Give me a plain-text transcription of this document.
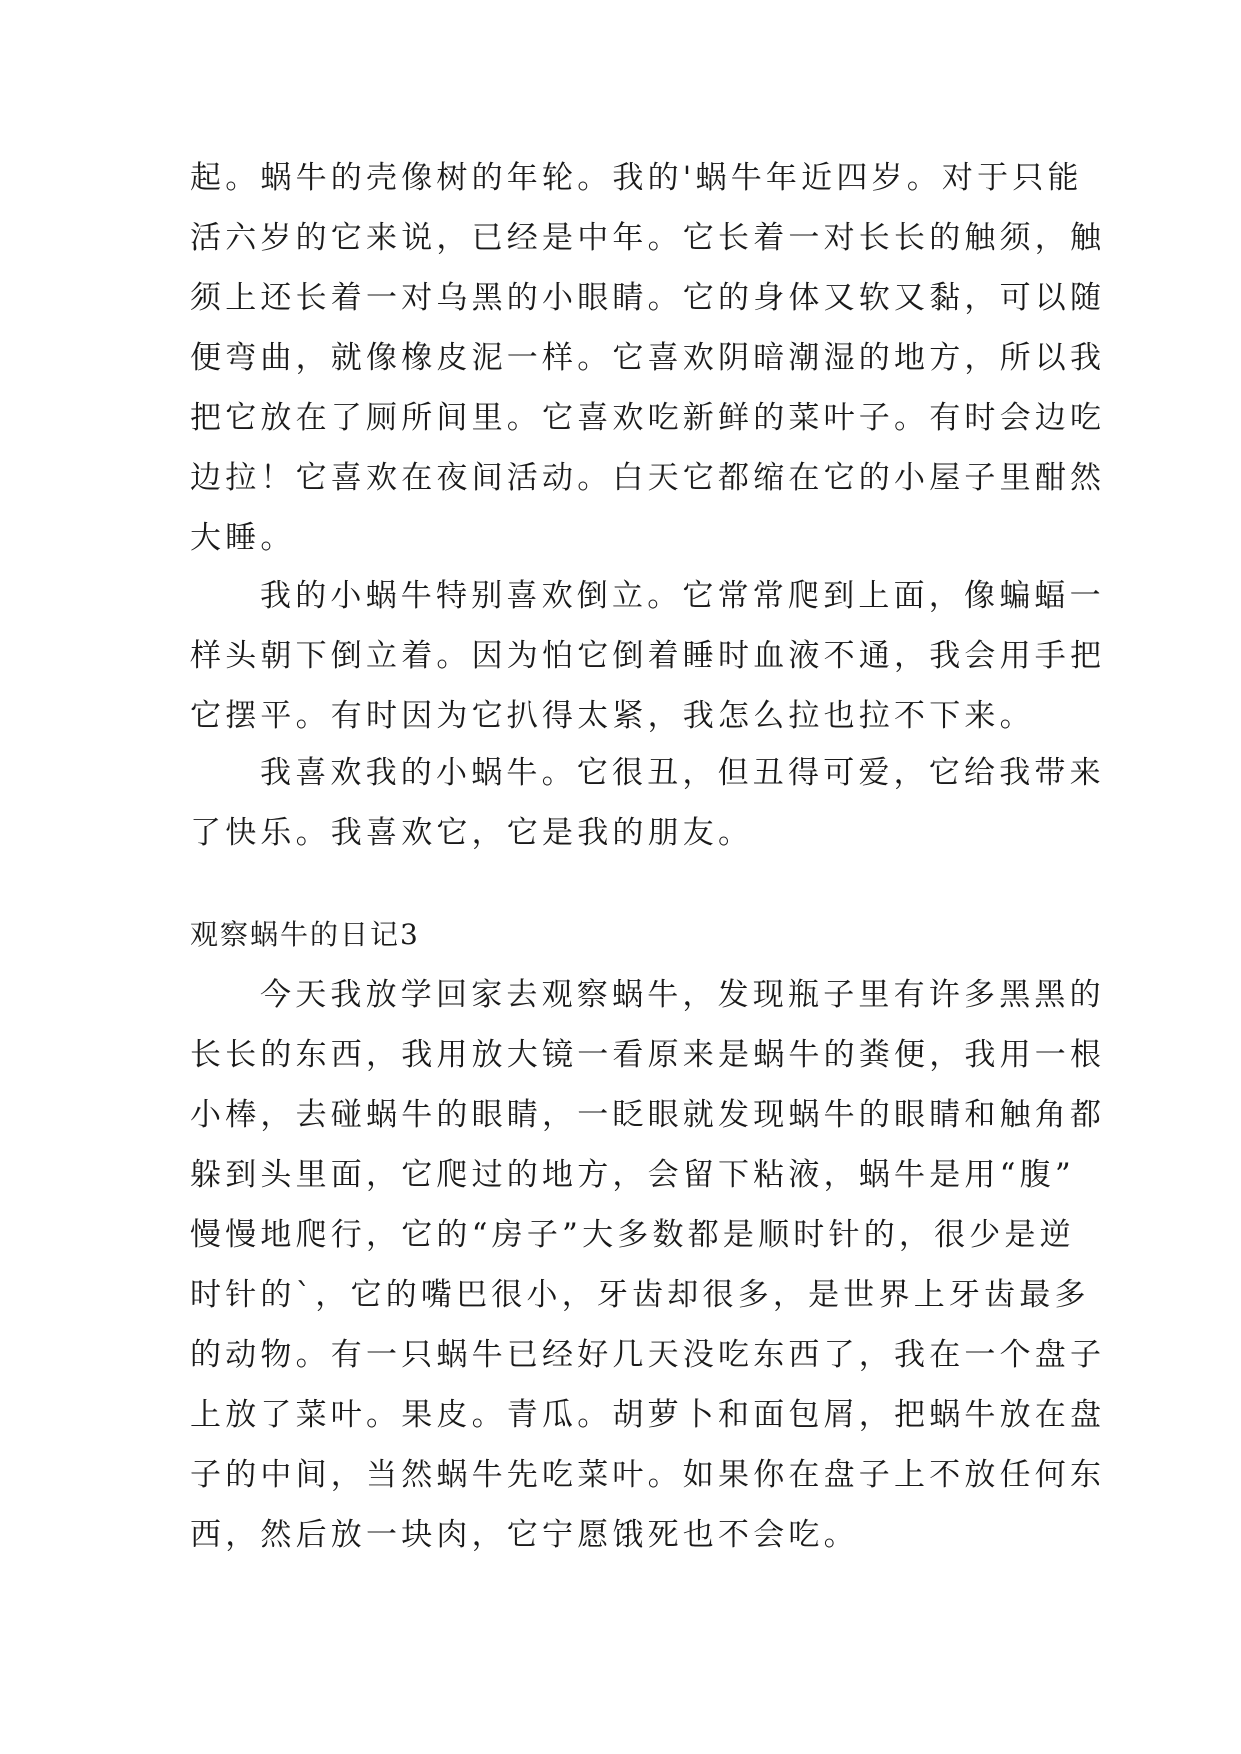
起。蜗牛的壳像树的年轮。我的'蜗牛年近四岁。对于只能
活六岁的它来说，已经是中年。它长着一对长长的触须，触
须上还长着一对乌黑的小眼睛。它的身体又软又黏，可以随
便弯曲，就像橡皮泥一样。它喜欢阴暗潮湿的地方，所以我
把它放在了厕所间里。它喜欢吃新鲜的菜叶子。有时会边吃
边拉！它喜欢在夜间活动。白天它都缩在它的小屋子里酣然
大睡。
我的小蜗牛特别喜欢倒立。它常常爬到上面，像蝙蝠一
样头朝下倒立着。因为怕它倒着睡时血液不通，我会用手把
它摆平。有时因为它扒得太紧，我怎么拉也拉不下来。
我喜欢我的小蜗牛。它很丑，但丑得可爱，它给我带来
了快乐。我喜欢它，它是我的朋友。
观察蜗牛的日记3
今天我放学回家去观察蜗牛，发现瓶子里有许多黑黑的
长长的东西，我用放大镜一看原来是蜗牛的粪便，我用一根
小棒，去碰蜗牛的眼睛，一眨眼就发现蜗牛的眼睛和触角都
躲到头里面，它爬过的地方，会留下粘液，蜗牛是用“腹”
慢慢地爬行，它的“房子”大多数都是顺时针的，很少是逆
时针的`，它的嘴巴很小，牙齿却很多，是世界上牙齿最多
的动物。有一只蜗牛已经好几天没吃东西了，我在一个盘子
上放了菜叶。果皮。青瓜。胡萝卜和面包屑，把蜗牛放在盘
子的中间，当然蜗牛先吃菜叶。如果你在盘子上不放任何东
西，然后放一块肉，它宁愿饿死也不会吃。
